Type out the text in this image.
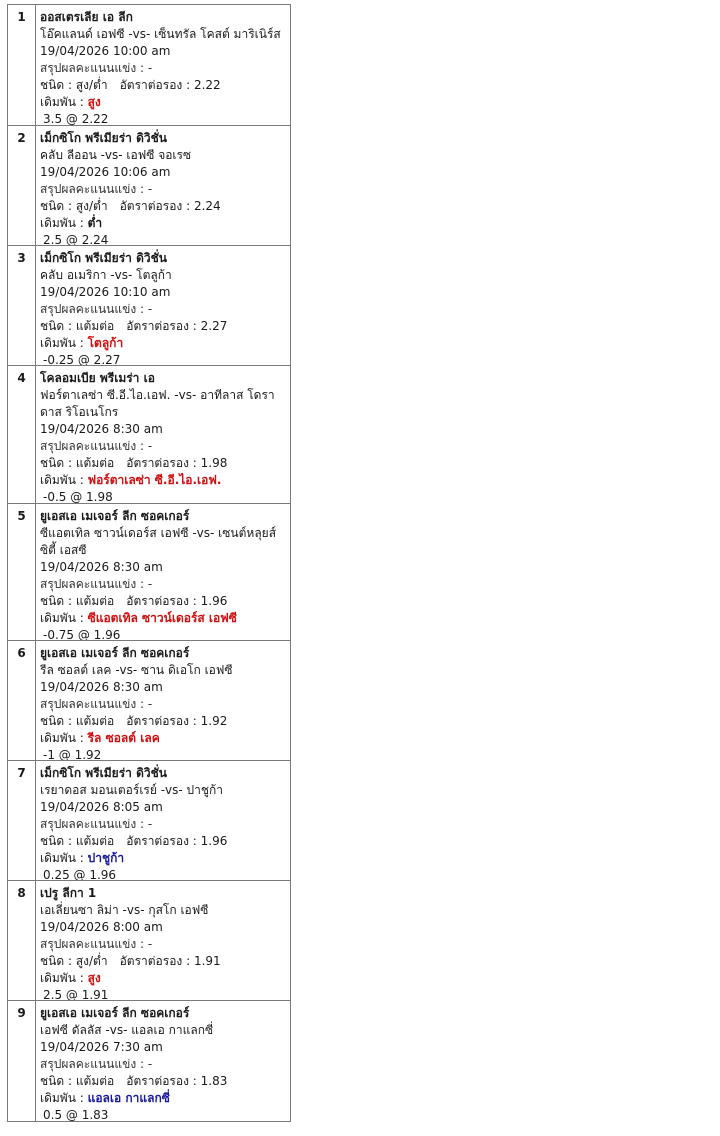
1	ออสเตรเลีย เอ ลีก
โอ๊คแลนด์ เอฟซี -vs- เซ็นทรัล โคสต์ มาริเนิร์ส
19/04/2026 10:00 am
สรุปผลคะแนนแข่ง : -
ชนิด : สูง/ต่ำ อัตราต่อรอง : 2.22
เดิมพัน : สูง
3.5 @ 2.22
2	เม็กซิโก พรีเมียร่า ดิวิชั่น
คลับ ลีออน -vs- เอฟซี จอเรซ
19/04/2026 10:06 am
สรุปผลคะแนนแข่ง : -
ชนิด : สูง/ต่ำ อัตราต่อรอง : 2.24
เดิมพัน : ต่ำ
2.5 @ 2.24
3	เม็กซิโก พรีเมียร่า ดิวิชั่น
คลับ อเมริกา -vs- โตลูก้า
19/04/2026 10:10 am
สรุปผลคะแนนแข่ง : -
ชนิด : แต้มต่อ อัตราต่อรอง : 2.27
เดิมพัน : โตลูก้า
-0.25 @ 2.27
4	โคลอมเบีย พรีเมร่า เอ
ฟอร์ตาเลซ่า ซี.อี.ไอ.เอฟ. -vs- อาทีลาส โดราดาส ริโอเนโกร
19/04/2026 8:30 am
สรุปผลคะแนนแข่ง : -
ชนิด : แต้มต่อ อัตราต่อรอง : 1.98
เดิมพัน : ฟอร์ตาเลซ่า ซี.อี.ไอ.เอฟ.
-0.5 @ 1.98
5	ยูเอสเอ เมเจอร์ ลีก ซอคเกอร์
ซีแอตเทิล ซาวน์เดอร์ส เอฟซี -vs- เซนต์หลุยส์ ซิตี้ เอสซี
19/04/2026 8:30 am
สรุปผลคะแนนแข่ง : -
ชนิด : แต้มต่อ อัตราต่อรอง : 1.96
เดิมพัน : ซีแอตเทิล ซาวน์เดอร์ส เอฟซี
-0.75 @ 1.96
6	ยูเอสเอ เมเจอร์ ลีก ซอคเกอร์
รีล ซอลต์ เลค -vs- ซาน ดิเอโก เอฟซี
19/04/2026 8:30 am
สรุปผลคะแนนแข่ง : -
ชนิด : แต้มต่อ อัตราต่อรอง : 1.92
เดิมพัน : รีล ซอลต์ เลค
-1 @ 1.92
7	เม็กซิโก พรีเมียร่า ดิวิชั่น
เรยาดอส มอนเตอร์เรย์ -vs- ปาชูก้า
19/04/2026 8:05 am
สรุปผลคะแนนแข่ง : -
ชนิด : แต้มต่อ อัตราต่อรอง : 1.96
เดิมพัน : ปาชูก้า
0.25 @ 1.96
8	เปรู ลีกา 1
เอเลี่ยนซา ลิม่า -vs- กุสโก เอฟซี
19/04/2026 8:00 am
สรุปผลคะแนนแข่ง : -
ชนิด : สูง/ต่ำ อัตราต่อรอง : 1.91
เดิมพัน : สูง
2.5 @ 1.91
9	ยูเอสเอ เมเจอร์ ลีก ซอคเกอร์
เอฟซี ดัลลัส -vs- แอลเอ กาแลกซี่
19/04/2026 7:30 am
สรุปผลคะแนนแข่ง : -
ชนิด : แต้มต่อ อัตราต่อรอง : 1.83
เดิมพัน : แอลเอ กาแลกซี่
0.5 @ 1.83
